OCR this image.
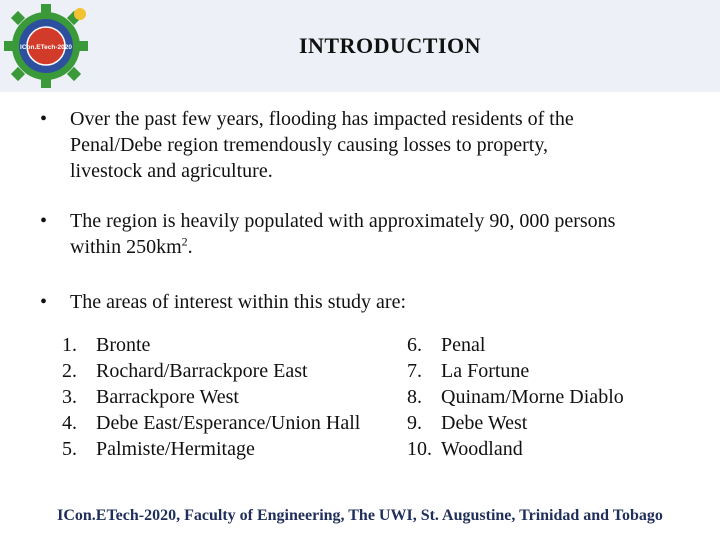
ICon.ETech-2020	INTRODUCTION
• Over the past few years, flooding has impacted residents of the
Penal/Debe region tremendously causing losses to property,
livestock and agriculture.
• The region is heavily populated with approximately 90, 000 persons
within $250km^2$.
• The areas of interest within this study are:
1. Bronte
2. Rochard/Barrackpore East
3. Barrackpore West
4. Debe East/Esperance/Union Hall
5. Palmiste/Hermitage
6. Penal
7. La Fortune
8. Quinam/Morne Diablo
9. Debe West
10. Woodland
ICon.ETech-2020, Faculty of Engineering, The UWI, St. Augustine, Trinidad and Tobago
